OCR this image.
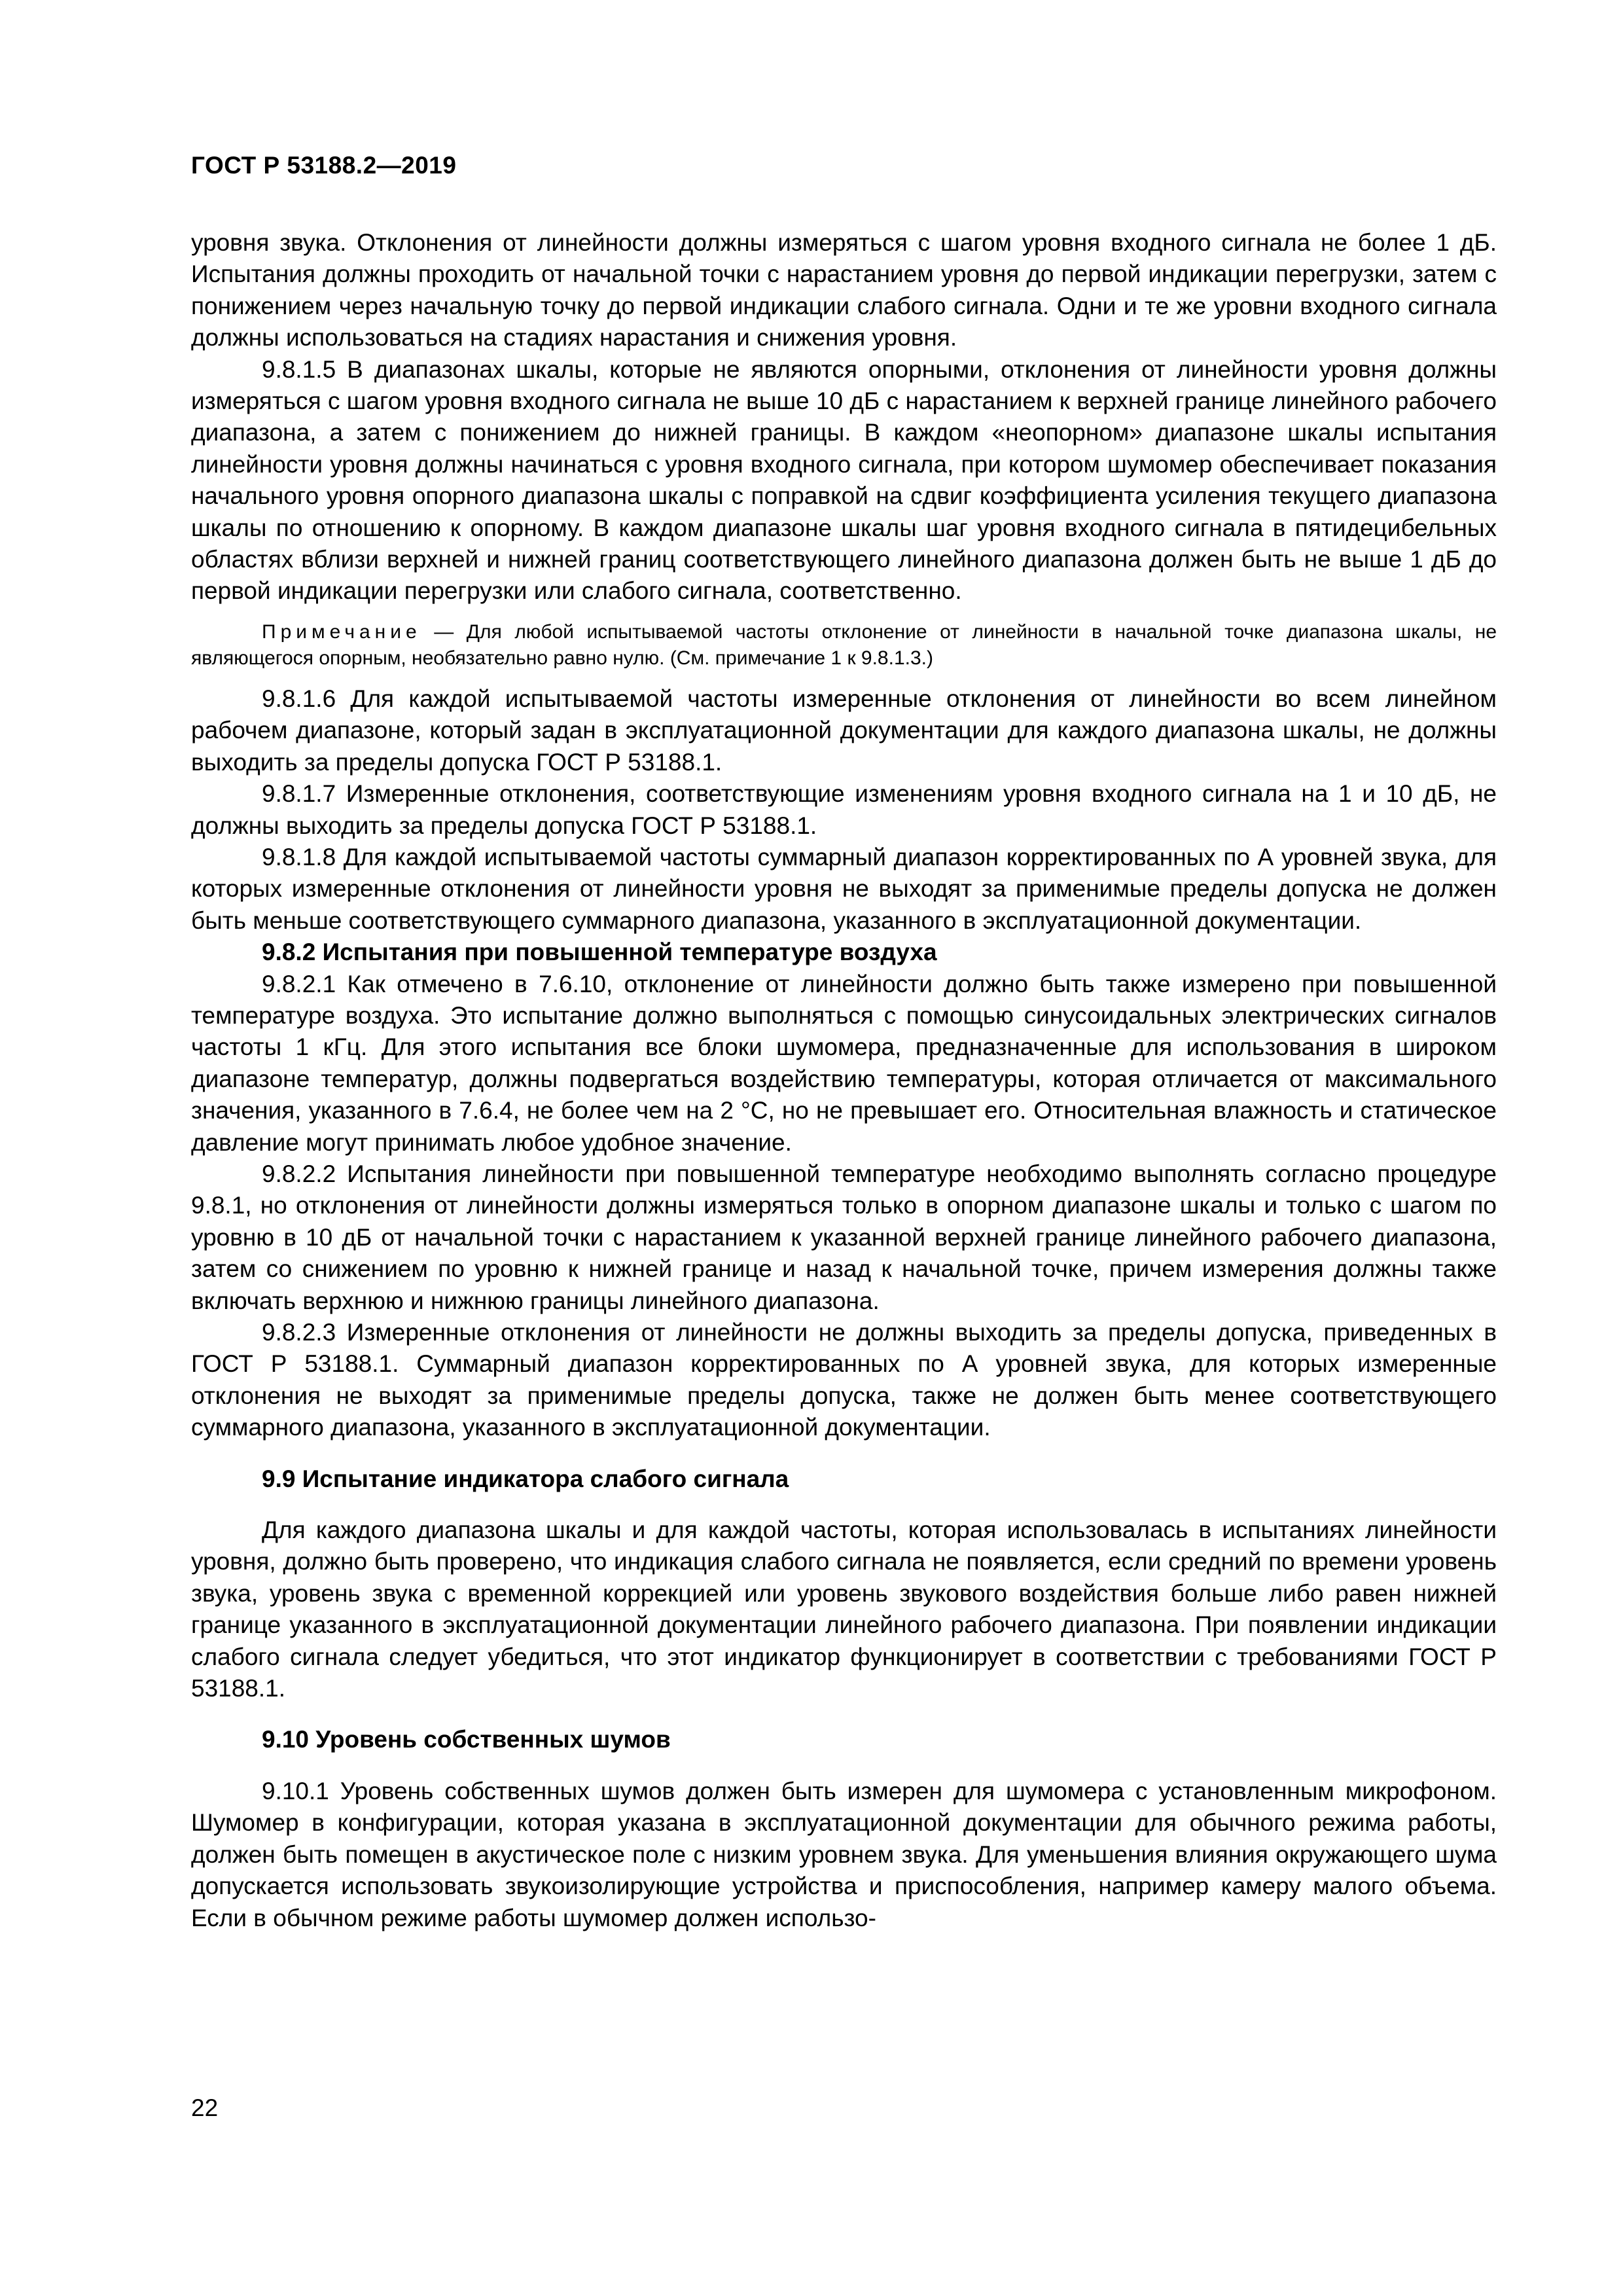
ГОСТ Р 53188.2—2019

уровня звука. Отклонения от линейности должны измеряться с шагом уровня входного сигнала не более 1 дБ. Испытания должны проходить от начальной точки с нарастанием уровня до первой индикации перегрузки, затем с понижением через начальную точку до первой индикации слабого сигнала. Одни и те же уровни входного сигнала должны использоваться на стадиях нарастания и снижения уровня.

9.8.1.5 В диапазонах шкалы, которые не являются опорными, отклонения от линейности уровня должны измеряться с шагом уровня входного сигнала не выше 10 дБ с нарастанием к верхней границе линейного рабочего диапазона, а затем с понижением до нижней границы. В каждом «неопорном» диапазоне шкалы испытания линейности уровня должны начинаться с уровня входного сигнала, при котором шумомер обеспечивает показания начального уровня опорного диапазона шкалы с поправкой на сдвиг коэффициента усиления текущего диапазона шкалы по отношению к опорному. В каждом диапазоне шкалы шаг уровня входного сигнала в пятидецибельных областях вблизи верхней и нижней границ соответствующего линейного диапазона должен быть не выше 1 дБ до первой индикации перегрузки или слабого сигнала, соответственно.

Примечание — Для любой испытываемой частоты отклонение от линейности в начальной точке диапазона шкалы, не являющегося опорным, необязательно равно нулю. (См. примечание 1 к 9.8.1.3.)

9.8.1.6 Для каждой испытываемой частоты измеренные отклонения от линейности во всем линейном рабочем диапазоне, который задан в эксплуатационной документации для каждого диапазона шкалы, не должны выходить за пределы допуска ГОСТ Р 53188.1.

9.8.1.7 Измеренные отклонения, соответствующие изменениям уровня входного сигнала на 1 и 10 дБ, не должны выходить за пределы допуска ГОСТ Р 53188.1.

9.8.1.8 Для каждой испытываемой частоты суммарный диапазон корректированных по А уровней звука, для которых измеренные отклонения от линейности уровня не выходят за применимые пределы допуска не должен быть меньше соответствующего суммарного диапазона, указанного в эксплуатационной документации.

9.8.2 Испытания при повышенной температуре воздуха

9.8.2.1 Как отмечено в 7.6.10, отклонение от линейности должно быть также измерено при повышенной температуре воздуха. Это испытание должно выполняться с помощью синусоидальных электрических сигналов частоты 1 кГц. Для этого испытания все блоки шумомера, предназначенные для использования в широком диапазоне температур, должны подвергаться воздействию температуры, которая отличается от максимального значения, указанного в 7.6.4, не более чем на 2 °С, но не превышает его. Относительная влажность и статическое давление могут принимать любое удобное значение.

9.8.2.2 Испытания линейности при повышенной температуре необходимо выполнять согласно процедуре 9.8.1, но отклонения от линейности должны измеряться только в опорном диапазоне шкалы и только с шагом по уровню в 10 дБ от начальной точки с нарастанием к указанной верхней границе линейного рабочего диапазона, затем со снижением по уровню к нижней границе и назад к начальной точке, причем измерения должны также включать верхнюю и нижнюю границы линейного диапазона.

9.8.2.3 Измеренные отклонения от линейности не должны выходить за пределы допуска, приведенных в ГОСТ Р 53188.1. Суммарный диапазон корректированных по А уровней звука, для которых измеренные отклонения не выходят за применимые пределы допуска, также не должен быть менее соответствующего суммарного диапазона, указанного в эксплуатационной документации.

9.9 Испытание индикатора слабого сигнала

Для каждого диапазона шкалы и для каждой частоты, которая использовалась в испытаниях линейности уровня, должно быть проверено, что индикация слабого сигнала не появляется, если средний по времени уровень звука, уровень звука с временной коррекцией или уровень звукового воздействия больше либо равен нижней границе указанного в эксплуатационной документации линейного рабочего диапазона. При появлении индикации слабого сигнала следует убедиться, что этот индикатор функционирует в соответствии с требованиями ГОСТ Р 53188.1.

9.10 Уровень собственных шумов

9.10.1 Уровень собственных шумов должен быть измерен для шумомера с установленным микрофоном. Шумомер в конфигурации, которая указана в эксплуатационной документации для обычного режима работы, должен быть помещен в акустическое поле с низким уровнем звука. Для уменьшения влияния окружающего шума допускается использовать звукоизолирующие устройства и приспособления, например камеру малого объема. Если в обычном режиме работы шумомер должен использо-

22
